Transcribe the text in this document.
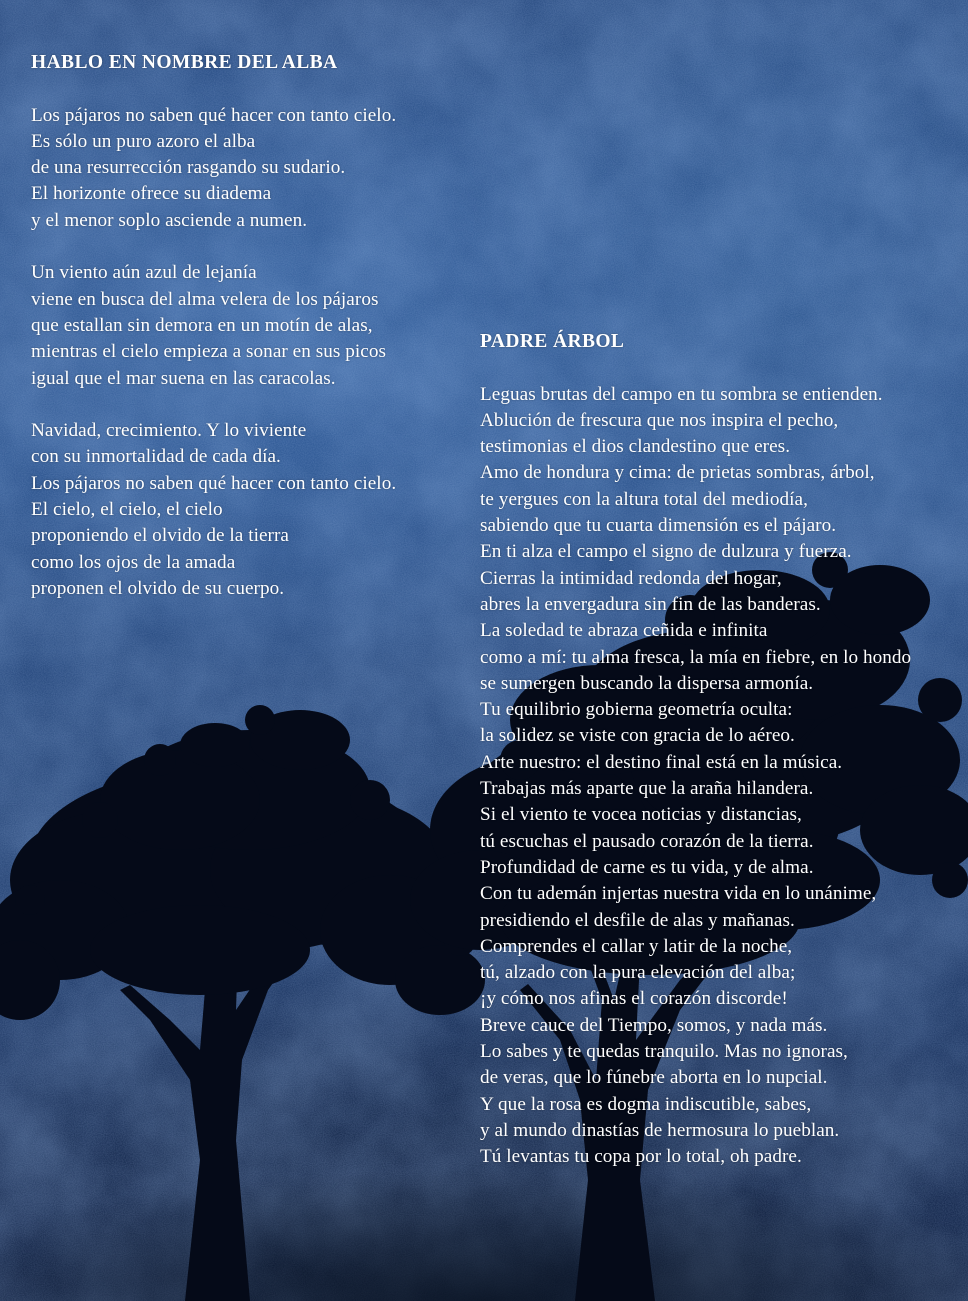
HABLO EN NOMBRE DEL ALBA
Los pájaros no saben qué hacer con tanto cielo.
Es sólo un puro azoro el alba
de una resurrección rasgando su sudario.
El horizonte ofrece su diadema
y el menor soplo asciende a numen.
Un viento aún azul de lejanía
viene en busca del alma velera de los pájaros
que estallan sin demora en un motín de alas,
mientras el cielo empieza a sonar en sus picos
igual que el mar suena en las caracolas.
Navidad, crecimiento. Y lo viviente
con su inmortalidad de cada día.
Los pájaros no saben qué hacer con tanto cielo.
El cielo, el cielo, el cielo
proponiendo el olvido de la tierra
como los ojos de la amada
proponen el olvido de su cuerpo.
PADRE ÁRBOL
Leguas brutas del campo en tu sombra se entienden.
Ablución de frescura que nos inspira el pecho,
testimonias el dios clandestino que eres.
Amo de hondura y cima: de prietas sombras, árbol,
te yergues con la altura total del mediodía,
sabiendo que tu cuarta dimensión es el pájaro.
En ti alza el campo el signo de dulzura y fuerza.
Cierras la intimidad redonda del hogar,
abres la envergadura sin fin de las banderas.
La soledad te abraza ceñida e infinita
como a mí: tu alma fresca, la mía en fiebre, en lo hondo
se sumergen buscando la dispersa armonía.
Tu equilibrio gobierna geometría oculta:
la solidez se viste con gracia de lo aéreo.
Arte nuestro: el destino final está en la música.
Trabajas más aparte que la araña hilandera.
Si el viento te vocea noticias y distancias,
tú escuchas el pausado corazón de la tierra.
Profundidad de carne es tu vida, y de alma.
Con tu ademán injertas nuestra vida en lo unánime,
presidiendo el desfile de alas y mañanas.
Comprendes el callar y latir de la noche,
tú, alzado con la pura elevación del alba;
¡y cómo nos afinas el corazón discorde!
Breve cauce del Tiempo, somos, y nada más.
Lo sabes y te quedas tranquilo. Mas no ignoras,
de veras, que lo fúnebre aborta en lo nupcial.
Y que la rosa es dogma indiscutible, sabes,
y al mundo dinastías de hermosura lo pueblan.
Tú levantas tu copa por lo total, oh padre.
